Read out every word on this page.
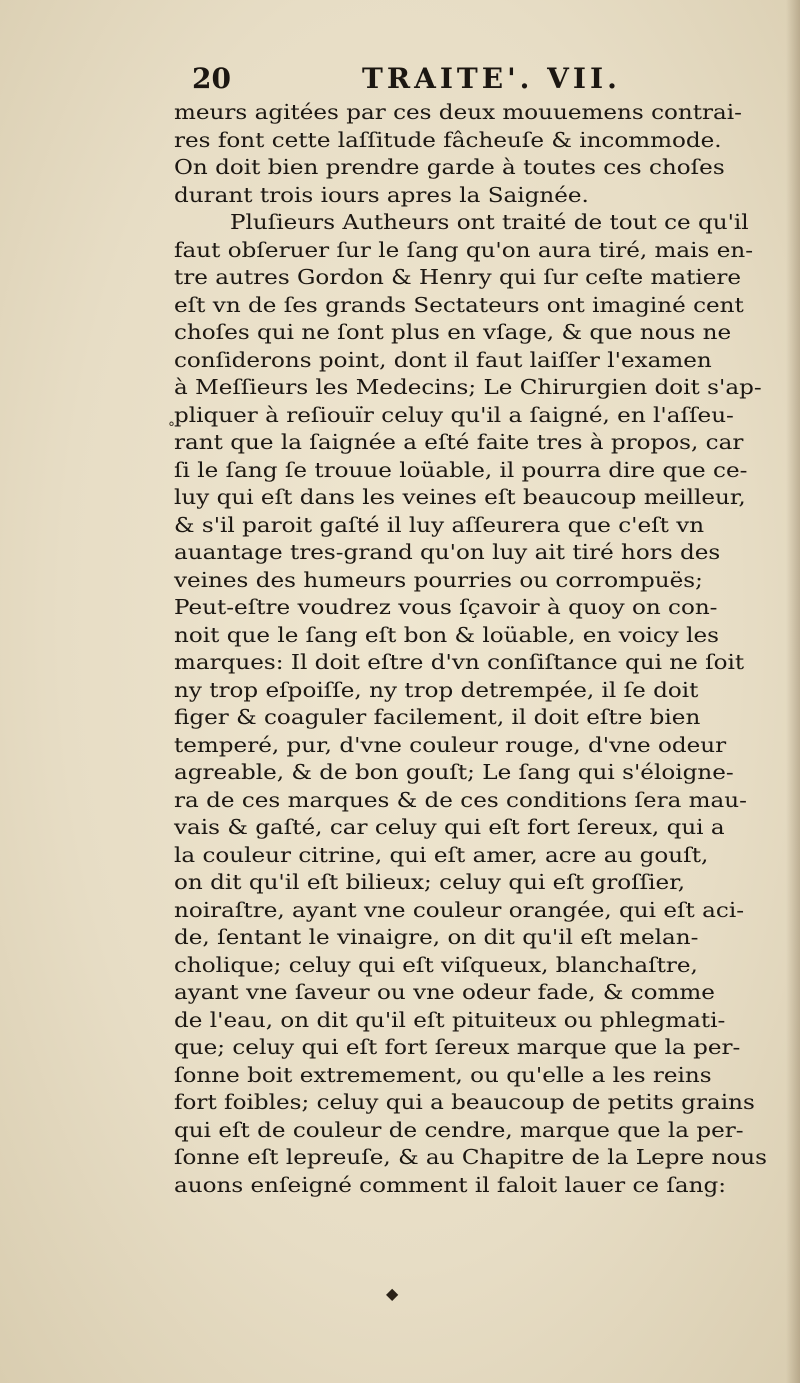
20	TRAITE'. VII.
°
meurs agitées par ces deux mouuemens contrai-
res font cette laſſitude fâcheuſe & incommode.
On doit bien prendre garde à toutes ces choſes
durant trois iours apres la Saignée.
Pluſieurs Autheurs ont traité de tout ce qu'il
faut obſeruer ſur le ſang qu'on aura tiré, mais en-
tre autres Gordon & Henry qui ſur ceſte matiere
eſt vn de ſes grands Sectateurs ont imaginé cent
choſes qui ne ſont plus en vſage, & que nous ne
conſiderons point, dont il faut laiſſer l'examen
à Meſſieurs les Medecins; Le Chirurgien doit s'ap-
pliquer à reſiouïr celuy qu'il a ſaigné, en l'aſſeu-
rant que la ſaignée a eſté faite tres à propos, car
ſi le ſang ſe trouue loüable, il pourra dire que ce-
luy qui eſt dans les veines eſt beaucoup meilleur,
& s'il paroit gaſté il luy aſſeurera que c'eſt vn
auantage tres-grand qu'on luy ait tiré hors des
veines des humeurs pourries ou corrompuës;
Peut-eſtre voudrez vous ſçavoir à quoy on con-
noit que le ſang eſt bon & loüable, en voicy les
marques: Il doit eſtre d'vn conſiſtance qui ne ſoit
ny trop eſpoiſſe, ny trop detrempée, il ſe doit
figer & coaguler facilement, il doit eſtre bien
temperé, pur, d'vne couleur rouge, d'vne odeur
agreable, & de bon gouſt; Le ſang qui s'éloigne-
ra de ces marques & de ces conditions ſera mau-
vais & gaſté, car celuy qui eſt fort ſereux, qui a
la couleur citrine, qui eſt amer, acre au gouſt,
on dit qu'il eſt bilieux; celuy qui eſt groſſier,
noiraſtre, ayant vne couleur orangée, qui eſt aci-
de, ſentant le vinaigre, on dit qu'il eſt melan-
cholique; celuy qui eſt viſqueux, blanchaſtre,
ayant vne ſaveur ou vne odeur fade, & comme
de l'eau, on dit qu'il eſt pituiteux ou phlegmati-
que; celuy qui eſt fort ſereux marque que la per-
ſonne boit extremement, ou qu'elle a les reins
fort foibles; celuy qui a beaucoup de petits grains
qui eſt de couleur de cendre, marque que la per-
ſonne eſt lepreuſe, & au Chapitre de la Lepre nous
auons enſeigné comment il faloit lauer ce ſang:
◆
